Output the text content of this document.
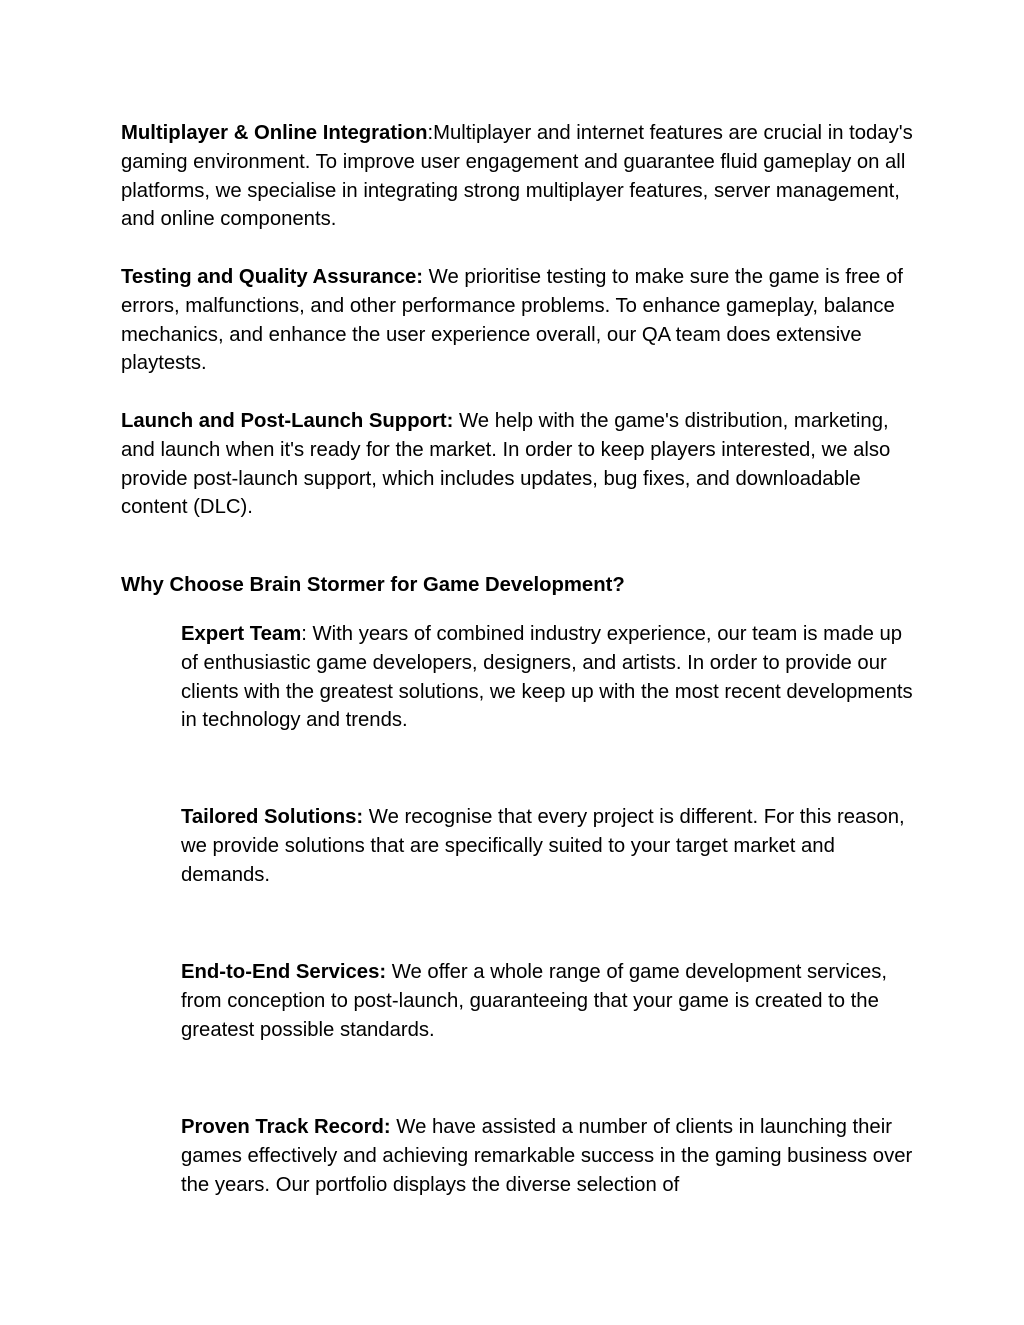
Multiplayer & Online Integration:Multiplayer and internet features are crucial in today's gaming environment. To improve user engagement and guarantee fluid gameplay on all platforms, we specialise in integrating strong multiplayer features, server management, and online components.

Testing and Quality Assurance: We prioritise testing to make sure the game is free of errors, malfunctions, and other performance problems. To enhance gameplay, balance mechanics, and enhance the user experience overall, our QA team does extensive playtests.

Launch and Post-Launch Support: We help with the game's distribution, marketing, and launch when it's ready for the market. In order to keep players interested, we also provide post-launch support, which includes updates, bug fixes, and downloadable content (DLC).

Why Choose Brain Stormer for Game Development?

Expert Team: With years of combined industry experience, our team is made up of enthusiastic game developers, designers, and artists. In order to provide our clients with the greatest solutions, we keep up with the most recent developments in technology and trends.

Tailored Solutions: We recognise that every project is different. For this reason, we provide solutions that are specifically suited to your target market and demands.

End-to-End Services: We offer a whole range of game development services, from conception to post-launch, guaranteeing that your game is created to the greatest possible standards.

Proven Track Record: We have assisted a number of clients in launching their games effectively and achieving remarkable success in the gaming business over the years. Our portfolio displays the diverse selection of
